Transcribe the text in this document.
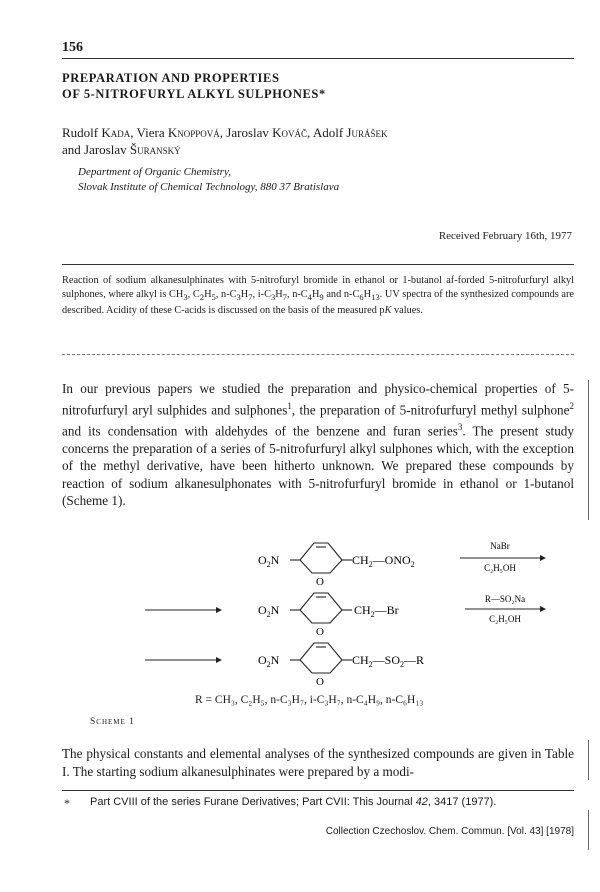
156
PREPARATION AND PROPERTIES
OF 5-NITROFURYL ALKYL SULPHONES*
Rudolf Kada, Viera Knoppová, Jaroslav Kováč, Adolf Jurášek
and Jaroslav Šuranský
Department of Organic Chemistry,
Slovak Institute of Chemical Technology, 880 37 Bratislava
Received February 16th, 1977
Reaction of sodium alkanesulphinates with 5-nitrofuryl bromide in ethanol or 1-butanol af-forded 5-nitrofurfuryl alkyl sulphones, where alkyl is $CH_3$, $C_2H_5$, $n-C_3H_7$, $i-C_3H_7$, $n-C_4H_9$ and $n-C_6H_{13}$. UV spectra of the synthesized compounds are described. Acidity of these C-acids is discussed on the basis of the measured pK values.
In our previous papers we studied the preparation and physico-chemical properties of 5-nitrofurfuryl aryl sulphides and sulphones$^1$, the preparation of 5-nitrofurfuryl methyl sulphone$^2$ and its condensation with aldehydes of the benzene and furan series$^3$. The present study concerns the preparation of a series of 5-nitrofurfuryl alkyl sulphones which, with the exception of the methyl derivative, have been hitherto unknown. We prepared these compounds by reaction of sodium alkanesulphonates with 5-nitrofurfuryl bromide in ethanol or 1-butanol (Scheme 1).
$O_2N$
O
$CH_2—ONO_2$
NaBr
C₂H₅OH
$O_2N$
O
$CH_2—Br$
R—SO₂Na
C₂H₅OH
$O_2N$
O
$CH_2—SO_2—R$
R = CH₃, C₂H₅, n-C₃H₇, i-C₃H₇, n-C₄H₉, n-C₆H₁₃
Scheme 1
The physical constants and elemental analyses of the synthesized compounds are given in Table I. The starting sodium alkanesulphinates were prepared by a modi-
* Part CVIII of the series Furane Derivatives; Part CVII: This Journal 42, 3417 (1977).
Collection Czechoslov. Chem. Commun. [Vol. 43] [1978]
